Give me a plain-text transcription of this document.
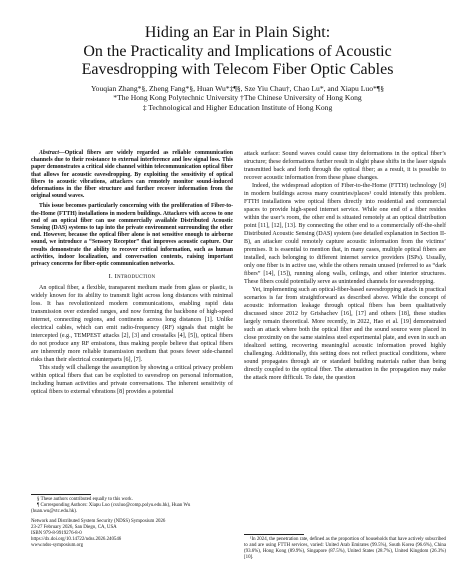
Hiding an Ear in Plain Sight:
On the Practicality and Implications of Acoustic
Eavesdropping with Telecom Fiber Optic Cables
Youqian Zhang*§, Zheng Fang*§, Huan Wu*‡¶§, Sze Yiu Chau†, Chao Lu*, and Xiapu Luo*¶§
*The Hong Kong Polytechnic University †The Chinese University of Hong Kong
‡ Technological and Higher Education Institute of Hong Kong

Abstract—Optical fibers are widely regarded as reliable communication channels due to their resistance to external interference and low signal loss. This paper demonstrates a critical side channel within telecommunication optical fiber that allows for acoustic eavesdropping. By exploiting the sensitivity of optical fibers to acoustic vibrations, attackers can remotely monitor sound-induced deformations in the fiber structure and further recover information from the original sound waves.

This issue becomes particularly concerning with the proliferation of Fiber-to-the-Home (FTTH) installations in modern buildings. Attackers with access to one end of an optical fiber can use commercially available Distributed Acoustic Sensing (DAS) systems to tap into the private environment surrounding the other end. However, because the optical fiber alone is not sensitive enough to airborne sound, we introduce a “Sensory Receptor” that improves acoustic capture. Our results demonstrate the ability to recover critical information, such as human activities, indoor localization, and conversation contents, raising important privacy concerns for fiber-optic communication networks.

I. Introduction

An optical fiber, a flexible, transparent medium made from glass or plastic, is widely known for its ability to transmit light across long distances with minimal loss. It has revolutionized modern communications, enabling rapid data transmission over extended ranges, and now forming the backbone of high-speed internet, connecting regions, and continents across long distances [1]. Unlike electrical cables, which can emit radio-frequency (RF) signals that might be intercepted (e.g., TEMPEST attacks [2], [3] and crosstalks [4], [5]), optical fibers do not produce any RF emissions, thus making people believe that optical fibers are inherently more reliable transmission medium that poses fewer side-channel risks than their electrical counterparts [6], [7].

This study will challenge the assumption by showing a critical privacy problem within optical fibers that can be exploited to eavesdrop on personal information, including human activities and private conversations. The inherent sensitivity of optical fibers to external vibrations [8] provides a potential

§ These authors contributed equally to this work.

¶ Corresponding Authors: Xiapu Luo (csxluo@comp.polyu.edu.hk), Huan Wu (huan.wu@vtc.edu.hk).

Network and Distributed System Security (NDSS) Symposium 2026
23-27 February 2026, San Diego, CA, USA
ISBN 979-8-9919276-8-0
https://dx.doi.org/10.14722/ndss.2026.240546
www.ndss-symposium.org

attack surface: Sound waves could cause tiny deformations in the optical fiber’s structure; these deformations further result in slight phase shifts in the laser signals transmitted back and forth through the optical fiber; as a result, it is possible to recover acoustic information from these phase changes.

Indeed, the widespread adoption of Fiber-to-the-Home (FTTH) technology [9] in modern buildings across many countries/places¹ could intensify this problem. FTTH installations wire optical fibers directly into residential and commercial spaces to provide high-speed internet service. While one end of a fiber resides within the user’s room, the other end is situated remotely at an optical distribution point [11], [12], [13]. By connecting the other end to a commercially off-the-shelf Distributed Acoustic Sensing (DAS) system (see detailed explanation in Section II-B), an attacker could remotely capture acoustic information from the victims’ premises. It is essential to mention that, in many cases, multiple optical fibers are installed, each belonging to different internet service providers (ISPs). Usually, only one fiber is in active use, while the others remain unused (referred to as “dark fibers” [14], [15]), running along walls, ceilings, and other interior structures. These fibers could potentially serve as unintended channels for eavesdropping.

Yet, implementing such an optical-fiber-based eavesdropping attack in practical scenarios is far from straightforward as described above. While the concept of acoustic information leakage through optical fibers has been qualitatively discussed since 2012 by Grishachev [16], [17] and others [18], these studies largely remain theoretical. More recently, in 2022, Hao et al. [19] demonstrated such an attack where both the optical fiber and the sound source were placed in close proximity on the same stainless steel experimental plate, and even in such an idealized setting, recovering meaningful acoustic information proved highly challenging. Additionally, this setting does not reflect practical conditions, where sound propagates through air or standard building materials rather than being directly coupled to the optical fiber. The attenuation in the propagation may make the attack more difficult. To date, the question

¹In 2024, the penetration rate, defined as the proportion of households that have actively subscribed to and are using FTTH services, varied: United Arab Emirates (99.5%), South Korea (96.6%), China (93.6%), Hong Kong (89.9%), Singapore (87.5%), United States (28.7%), United Kingdom (26.3%) [10].
